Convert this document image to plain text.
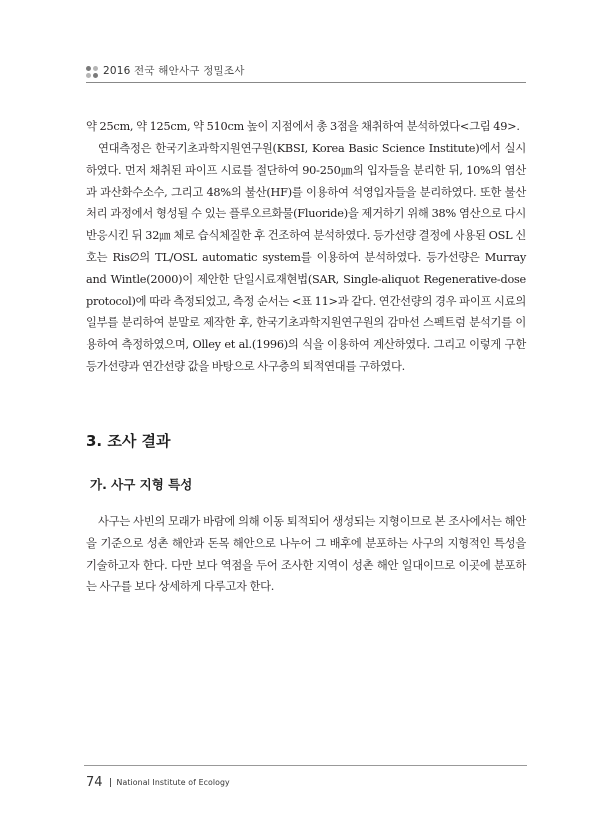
2016 전국 해안사구 정밀조사

약 25cm, 약 125cm, 약 510cm 높이 지점에서 총 3점을 채취하여 분석하였다<그림 49>.

연대측정은 한국기초과학지원연구원(KBSI, Korea Basic Science Institute)에서 실시하였다. 먼저 채취된 파이프 시료를 절단하여 90-250㎛의 입자들을 분리한 뒤, 10%의 염산과 과산화수소수, 그리고 48%의 불산(HF)를 이용하여 석영입자들을 분리하였다. 또한 불산 처리 과정에서 형성될 수 있는 플루오르화물(Fluoride)을 제거하기 위해 38% 염산으로 다시 반응시킨 뒤 32㎛ 체로 습식체질한 후 건조하여 분석하였다. 등가선량 결정에 사용된 OSL 신호는 Ris∅의 TL/OSL automatic system를 이용하여 분석하였다. 등가선량은 Murray and Wintle(2000)이 제안한 단일시료재현법(SAR, Single-aliquot Regenerative-dose protocol)에 따라 측정되었고, 측정 순서는 <표 11>과 같다. 연간선량의 경우 파이프 시료의 일부를 분리하여 분말로 제작한 후, 한국기초과학지원연구원의 감마선 스펙트럼 분석기를 이용하여 측정하였으며, Olley et al.(1996)의 식을 이용하여 계산하였다. 그리고 이렇게 구한 등가선량과 연간선량 값을 바탕으로 사구층의 퇴적연대를 구하였다.

3. 조사 결과
가. 사구 지형 특성

사구는 사빈의 모래가 바람에 의해 이동 퇴적되어 생성되는 지형이므로 본 조사에서는 해안을 기준으로 성촌 해안과 돈목 해안으로 나누어 그 배후에 분포하는 사구의 지형적인 특성을 기술하고자 한다. 다만 보다 역점을 두어 조사한 지역이 성촌 해안 일대이므로 이곳에 분포하는 사구를 보다 상세하게 다루고자 한다.

74 National Institute of Ecology
